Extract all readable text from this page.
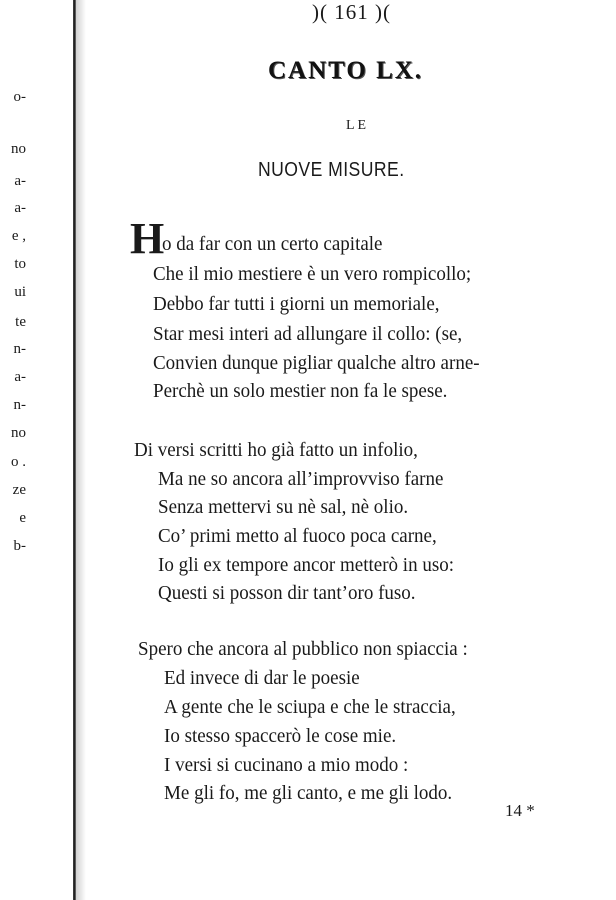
o-
no
a-
a-
e ,
to
ui
te
n-
a-
n-
no
o .
ze
e
b-
)( 161 )(
CANTO LX.
LE
NUOVE MISURE.
H
o da far con un certo capitale
Che il mio mestiere è un vero rompicollo;
Debbo far tutti i giorni un memoriale,
Star mesi interi ad allungare il collo: (se,
Convien dunque pigliar qualche altro arne-
Perchè un solo mestier non fa le spese.
Di versi scritti ho già fatto un infolio,
Ma ne so ancora all’improvviso farne
Senza mettervi su nè sal, nè olio.
Co’ primi metto al fuoco poca carne,
Io gli ex tempore ancor metterò in uso:
Questi si posson dir tant’oro fuso.
Spero che ancora al pubblico non spiaccia :
Ed invece di dar le poesie
A gente che le sciupa e che le straccia,
Io stesso spaccerò le cose mie.
I versi si cucinano a mio modo :
Me gli fo, me gli canto, e me gli lodo.
14 *
